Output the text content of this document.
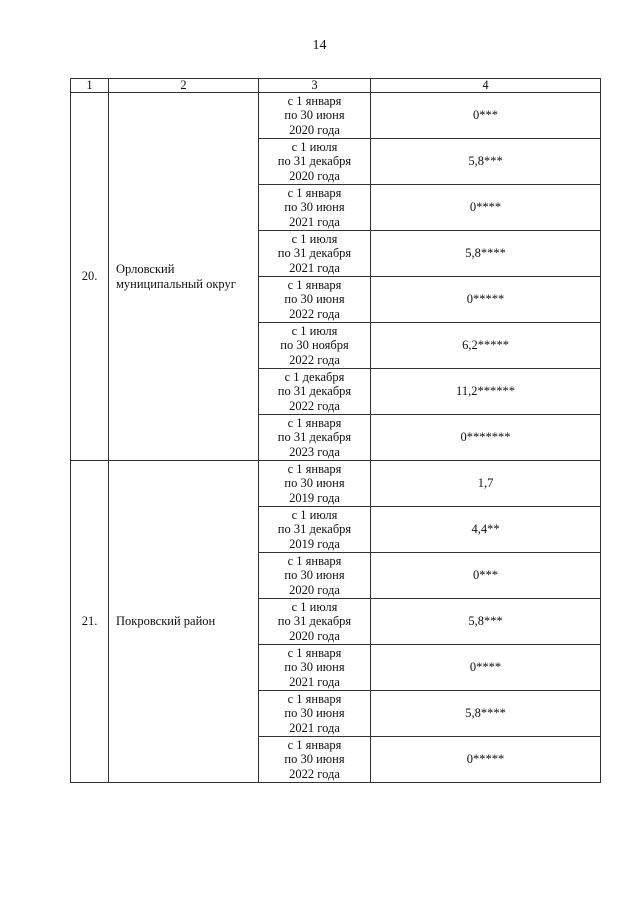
14
1	2	3	4
20.	Орловский муниципальный округ	с 1 января
по 30 июня
2020 года	0***

		с 1 июля
по 31 декабря
2020 года	5,8***

		с 1 января
по 30 июня
2021 года	0****

		с 1 июля
по 31 декабря
2021 года	5,8****

		с 1 января
по 30 июня
2022 года	0*****

		с 1 июля
по 30 ноября
2022 года	6,2*****

		с 1 декабря
по 31 декабря
2022 года	11,2******

		с 1 января
по 31 декабря
2023 года	0*******
21.	Покровский район	с 1 января
по 30 июня
2019 года	1,7

		с 1 июля
по 31 декабря
2019 года	4,4**

		с 1 января
по 30 июня
2020 года	0***

		с 1 июля
по 31 декабря
2020 года	5,8***

		с 1 января
по 30 июня
2021 года	0****

		с 1 января
по 30 июня
2021 года	5,8****

		с 1 января
по 30 июня
2022 года	0*****
